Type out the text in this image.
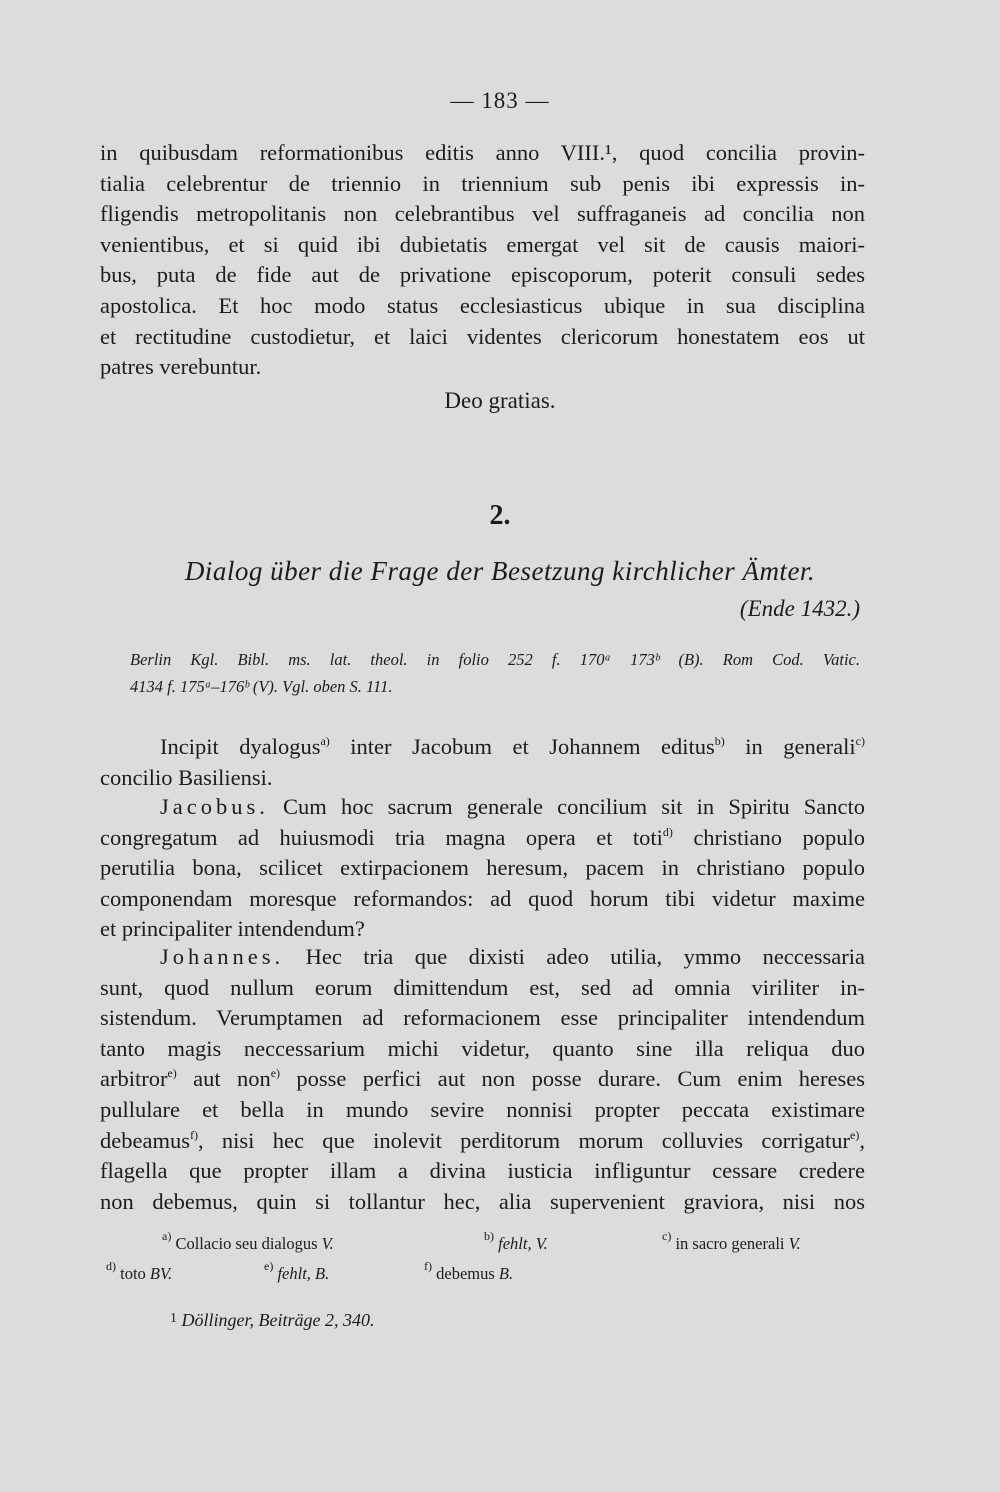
— 183 —
in quibusdam reformationibus editis anno VIII.¹, quod concilia provin-
tialia celebrentur de triennio in triennium sub penis ibi expressis in-
fligendis metropolitanis non celebrantibus vel suffraganeis ad concilia non
venientibus, et si quid ibi dubietatis emergat vel sit de causis maiori-
bus, puta de fide aut de privatione episcoporum, poterit consuli sedes
apostolica. Et hoc modo status ecclesiasticus ubique in sua disciplina
et rectitudine custodietur, et laici videntes clericorum honestatem eos ut
patres verebuntur.
Deo gratias.
2.
Dialog über die Frage der Besetzung kirchlicher Ämter.
(Ende 1432.)
Berlin Kgl. Bibl. ms. lat. theol. in folio 252 f. 170ᵃ 173ᵇ (B). Rom Cod. Vatic.
4134 f. 175ᵃ–176ᵇ (V). Vgl. oben S. 111.
Incipit dyalogus$^{a)}$ inter Jacobum et Johannem editus$^{b)}$ in generali$^{c)}$
concilio Basiliensi.
Jacobus. Cum hoc sacrum generale concilium sit in Spiritu Sancto
congregatum ad huiusmodi tria magna opera et toti$^{d)}$ christiano populo
perutilia bona, scilicet extirpacionem heresum, pacem in christiano populo
componendam moresque reformandos: ad quod horum tibi videtur maxime
et principaliter intendendum?
Johannes. Hec tria que dixisti adeo utilia, ymmo neccessaria
sunt, quod nullum eorum dimittendum est, sed ad omnia viriliter in-
sistendum. Verumptamen ad reformacionem esse principaliter intendendum
tanto magis neccessarium michi videtur, quanto sine illa reliqua duo
arbitror$^{e)}$ aut non$^{e)}$ posse perfici aut non posse durare. Cum enim hereses
pullulare et bella in mundo sevire nonnisi propter peccata existimare
debeamus$^{f)}$, nisi hec que inolevit perditorum morum colluvies corrigatur$^{e)}$,
flagella que propter illam a divina iusticia infliguntur cessare credere
non debemus, quin si tollantur hec, alia supervenient graviora, nisi nos
$^{a)}$ Collacio seu dialogus V.	$^{b)}$ fehlt, V.	$^{c)}$ in sacro generali V.
$^{d)}$ toto BV.	$^{e)}$ fehlt, B.	$^{f)}$ debemus B.
$^1$ Döllinger, Beiträge 2, 340.
